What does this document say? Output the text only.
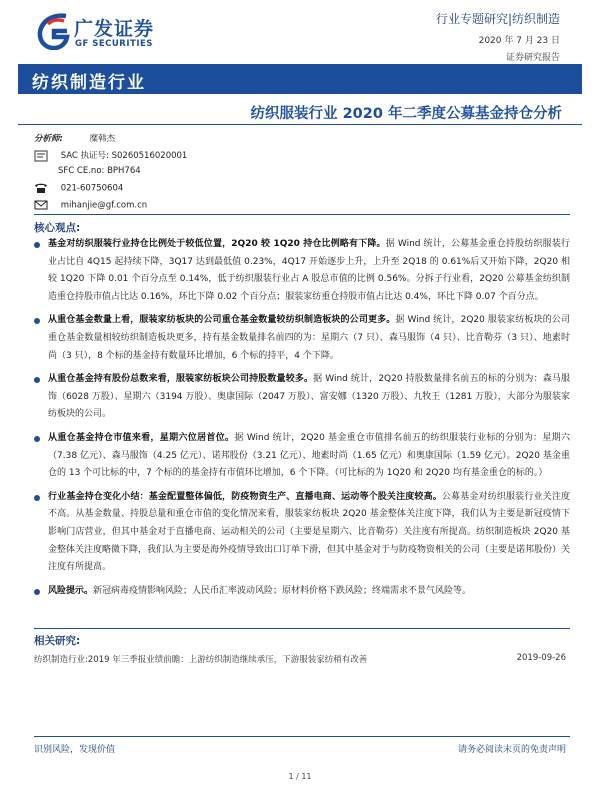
广发证券
GF SECURITIES
行业专题研究|纺织制造
2020 年 7 月 23 日
证券研究报告
纺织制造行业
纺织服装行业 2020 年二季度公募基金持仓分析
分析师:	糜韩杰
SAC 执证号: S0260516020001
SFC CE.no: BPH764
021-60750604
mihanjie@gf.com.cn
核心观点:
基金对纺织服装行业持仓比例处于较低位置，2Q20 较 1Q20 持仓比例略有下降。据 Wind 统计，公募基金重仓持股纺织服装行业占比自 4Q15 起持续下降，3Q17 达到最低值 0.23%，4Q17 开始逐步上升，上升至 2Q18 的 0.61%后又开始下降，2Q20 相较 1Q20 下降 0.01 个百分点至 0.14%，低于纺织服装行业占 A 股总市值的比例 0.56%。分拆子行业看，2Q20 公募基金纺织制造重仓持股市值占比达 0.16%，环比下降 0.02 个百分点；服装家纺重仓持股市值占比达 0.4%，环比下降 0.07 个百分点。
从重仓基金数量上看，服装家纺板块的公司重仓基金数量较纺织制造板块的公司更多。据 Wind 统计，2Q20 服装家纺板块的公司重仓基金数量相较纺织制造板块更多，持有基金数量排名前四的为：星期六（7 只）、森马服饰（4 只）、比音勒芬（3 只）、地素时尚（3 只），8 个标的基金持有数量环比增加，6 个标的持平，4 个下降。
从重仓基金持有股份总数来看，服装家纺板块公司持股数量较多。据 Wind 统计，2Q20 持股数量排名前五的标的分别为：森马服饰（6028 万股）、星期六（3194 万股）、奥康国际（2047 万股）、富安娜（1320 万股）、九牧王（1281 万股），大部分为服装家纺板块的公司。
从重仓基金持仓市值来看，星期六位居首位。据 Wind 统计，2Q20 基金重仓市值排名前五的纺织服装行业标的分别为：星期六（7.38 亿元）、森马服饰（4.25 亿元）、诺邦股份（3.21 亿元）、地素时尚（1.65 亿元）和奥康国际（1.59 亿元）。2Q20 基金重仓的 13 个可比标的中，7 个标的的基金持有市值环比增加，6 个下降。（可比标的为 1Q20 和 2Q20 均有基金重仓的标的。）
行业基金持仓变化小结：基金配置整体偏低，防疫物资生产、直播电商、运动等个股关注度较高。公募基金对纺织服装行业关注度不高。从基金数量、持股总量和重仓市值的变化情况来看，服装家纺板块 2Q20 基金整体关注度下降，我们认为主要是新冠疫情下影响门店营业，但其中基金对于直播电商、运动相关的公司（主要是星期六、比音勒芬）关注度有所提高。纺织制造板块 2Q20 基金整体关注度略微下降，我们认为主要是海外疫情导致出口订单下滑，但其中基金对于与防疫物资相关的公司（主要是诺邦股份）关注度有所提高。
风险提示。新冠病毒疫情影响风险；人民币汇率波动风险；原材料价格下跌风险；终端需求不景气风险等。
相关研究:
纺织制造行业:2019 年三季报业绩前瞻：上游纺织制造继续承压，下游服装家纺稍有改善	2019-09-26
识别风险，发现价值	请务必阅读末页的免责声明
1 / 11
